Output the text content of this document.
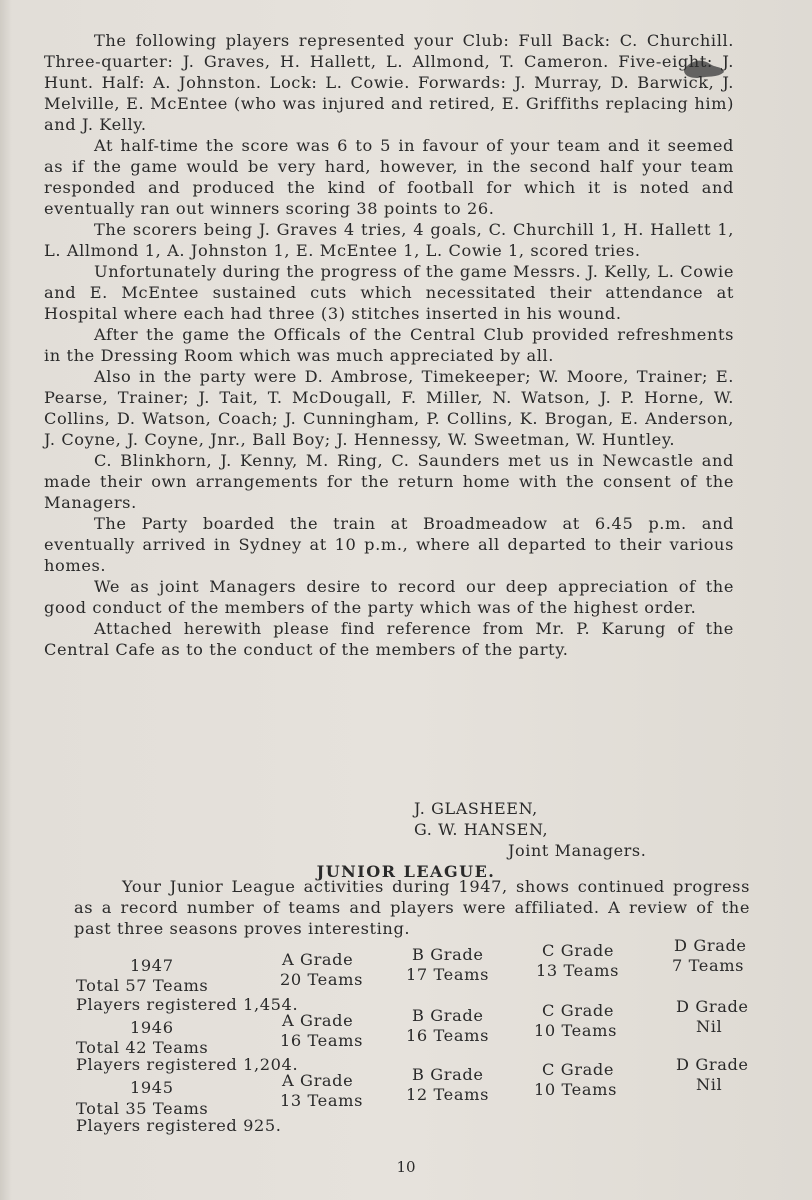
The following players represented your Club: Full Back: C. Churchill. Three-quarter: J. Graves, H. Hallett, L. Allmond, T. Cameron. Five-eight: J. Hunt. Half: A. Johnston. Lock: L. Cowie. Forwards: J. Murray, D. Barwick, J. Melville, E. McEntee (who was injured and retired, E. Griffiths replacing him) and J. Kelly.

At half-time the score was 6 to 5 in favour of your team and it seemed as if the game would be very hard, however, in the second half your team responded and produced the kind of football for which it is noted and eventually ran out winners scoring 38 points to 26.

The scorers being J. Graves 4 tries, 4 goals, C. Churchill 1, H. Hallett 1, L. Allmond 1, A. Johnston 1, E. McEntee 1, L. Cowie 1, scored tries.

Unfortunately during the progress of the game Messrs. J. Kelly, L. Cowie and E. McEntee sustained cuts which necessitated their attendance at Hospital where each had three (3) stitches inserted in his wound.

After the game the Officals of the Central Club provided refreshments in the Dressing Room which was much appreciated by all.

Also in the party were D. Ambrose, Timekeeper; W. Moore, Trainer; E. Pearse, Trainer; J. Tait, T. McDougall, F. Miller, N. Watson, J. P. Horne, W. Collins, D. Watson, Coach; J. Cunningham, P. Collins, K. Brogan, E. Anderson, J. Coyne, J. Coyne, Jnr., Ball Boy; J. Hennessy, W. Sweetman, W. Huntley.

C. Blinkhorn, J. Kenny, M. Ring, C. Saunders met us in Newcastle and made their own arrangements for the return home with the consent of the Managers.

The Party boarded the train at Broadmeadow at 6.45 p.m. and eventually arrived in Sydney at 10 p.m., where all departed to their various homes.

We as joint Managers desire to record our deep appreciation of the good conduct of the members of the party which was of the highest order.

Attached herewith please find reference from Mr. P. Karung of the Central Cafe as to the conduct of the members of the party.

J. GLASHEEN,
G. W. HANSEN,
Joint Managers.
JUNIOR LEAGUE.

Your Junior League activities during 1947, shows continued progress as a record number of teams and players were affiliated. A review of the past three seasons proves interesting.

1947
Total 57 Teams
A Grade
20 Teams
B Grade
17 Teams
C Grade
13 Teams
D Grade
7 Teams
Players registered 1,454.
1946
Total 42 Teams
A Grade
16 Teams
B Grade
16 Teams
C Grade
10 Teams
D Grade
Nil
Players registered 1,204.
1945
Total 35 Teams
A Grade
13 Teams
B Grade
12 Teams
C Grade
10 Teams
D Grade
Nil
Players registered 925.
10
